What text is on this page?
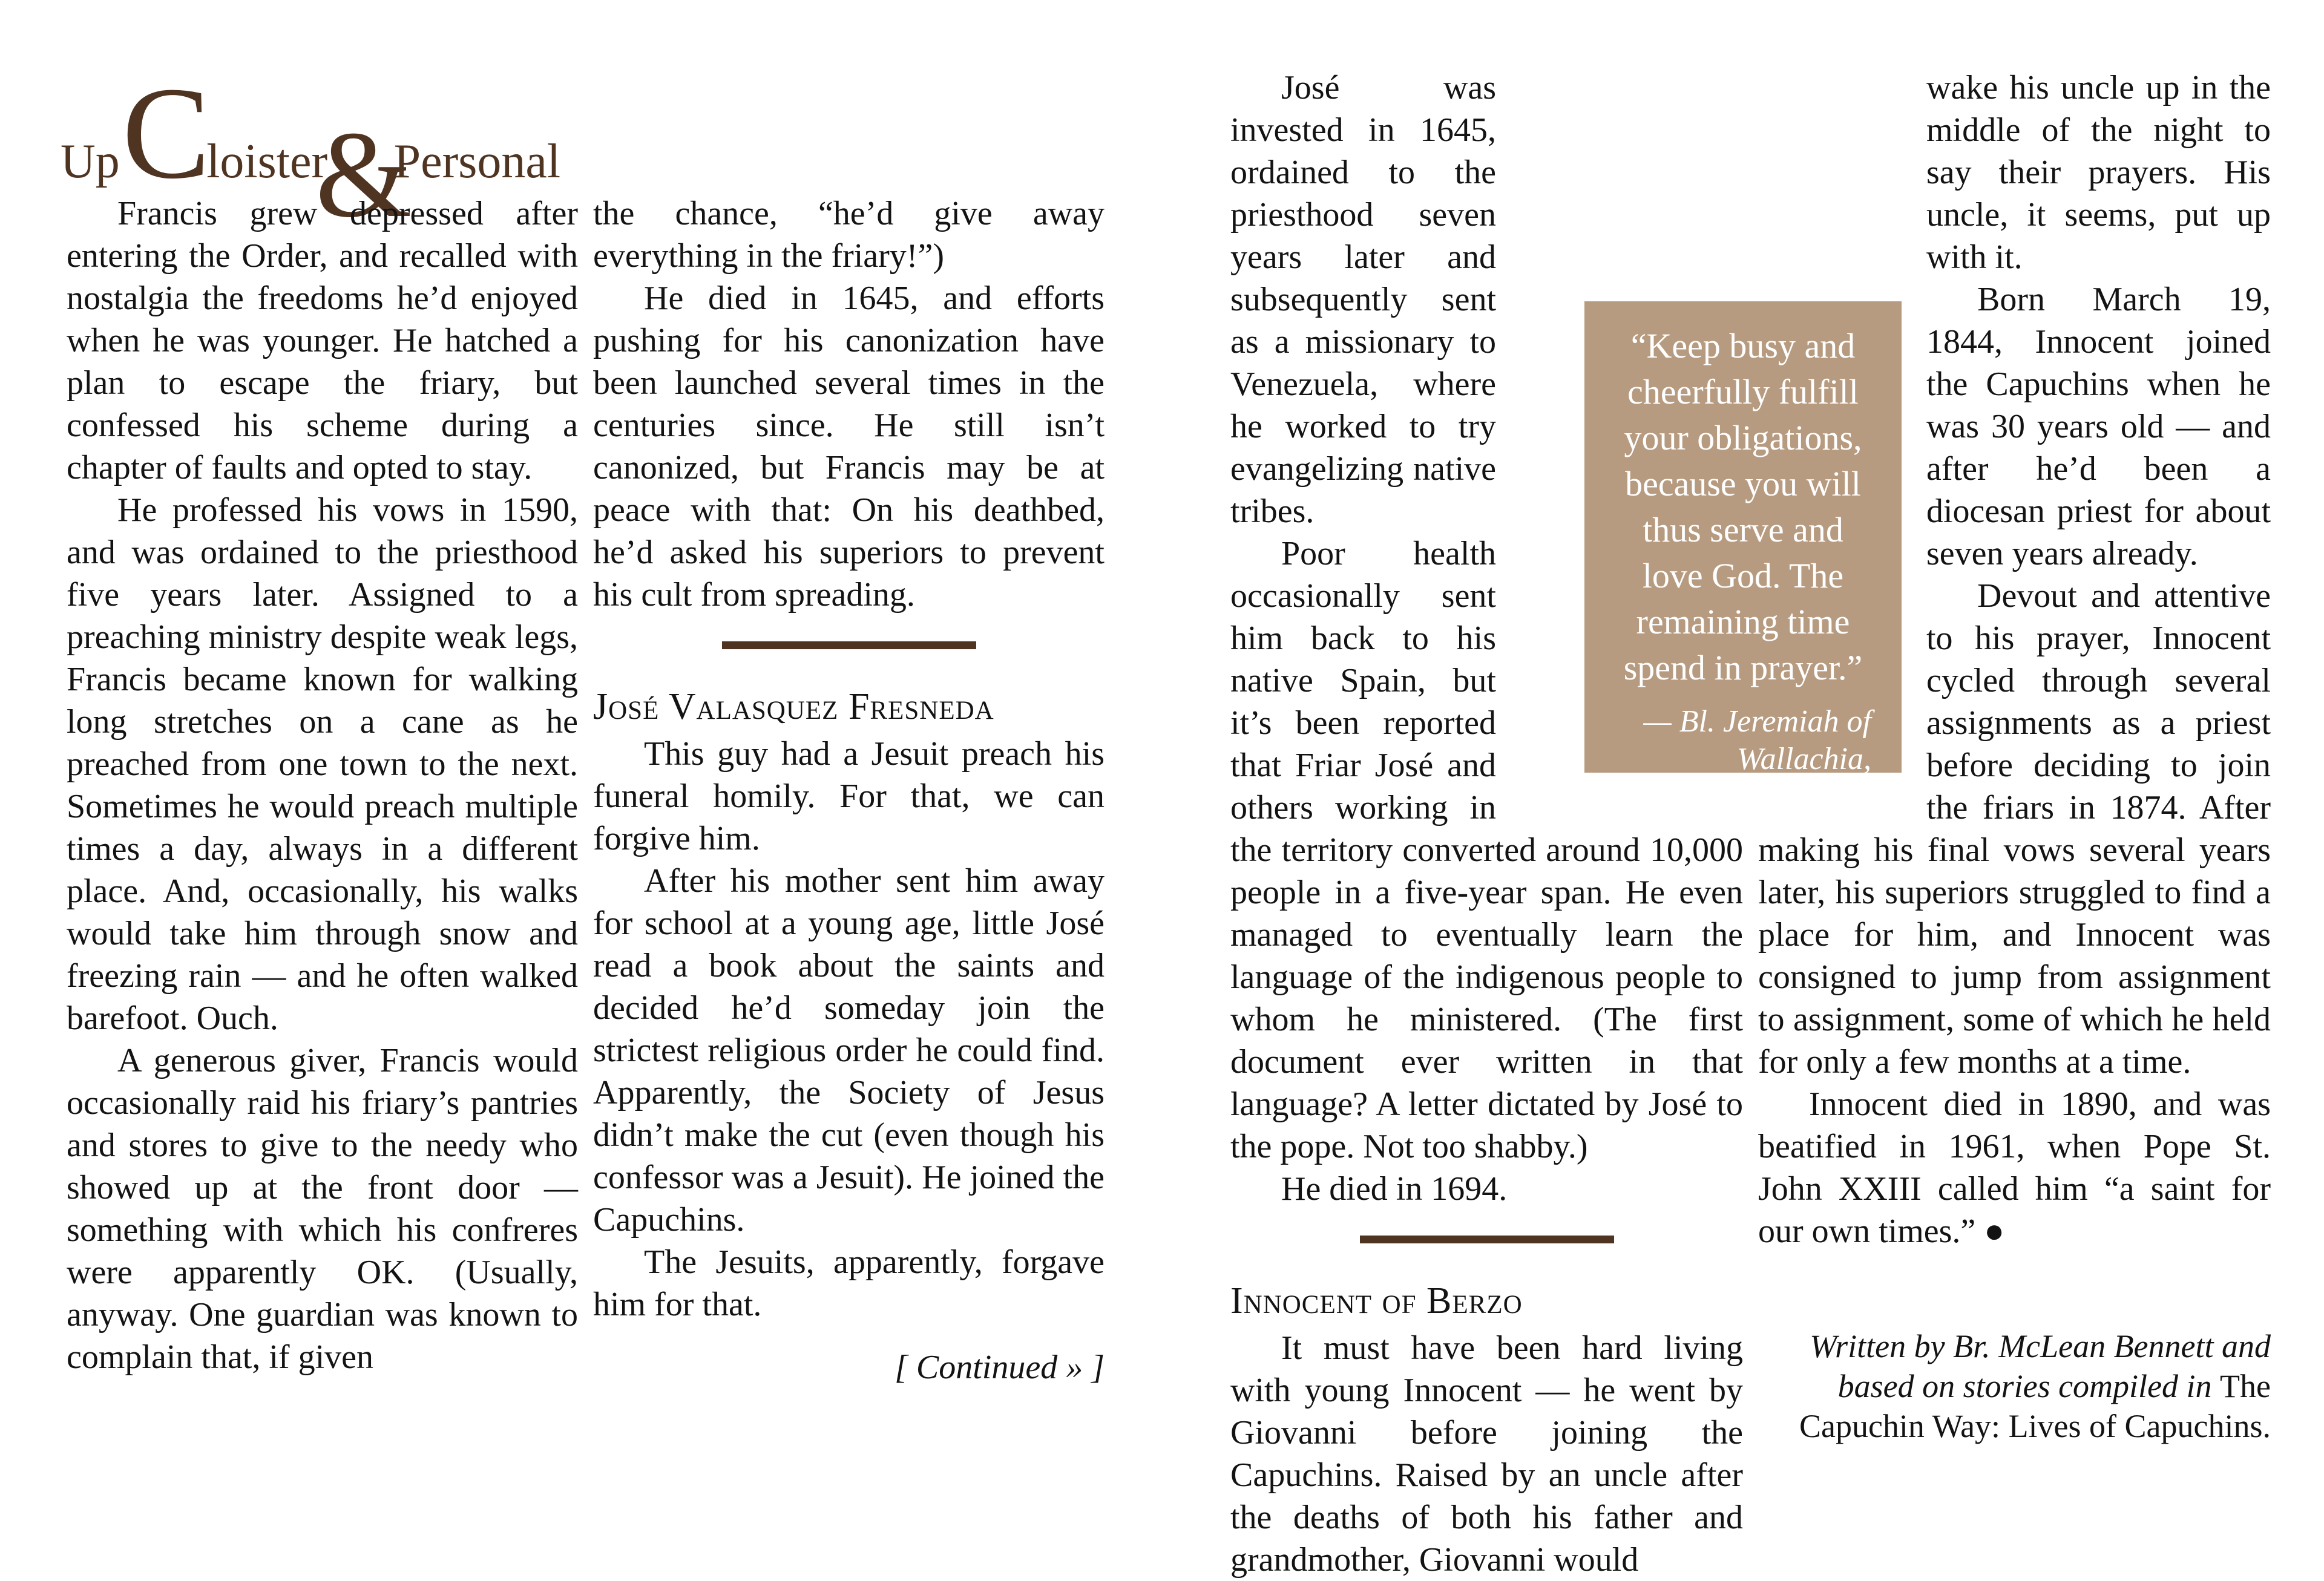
UpCloister&Personal

Francis grew depressed after entering the Order, and recalled with nostalgia the freedoms he’d enjoyed when he was younger. He hatched a plan to escape the friary, but confessed his scheme during a chapter of faults and opted to stay.

He professed his vows in 1590, and was ordained to the priesthood five years later. Assigned to a preaching ministry despite weak legs, Francis became known for walking long stretches on a cane as he preached from one town to the next. Sometimes he would preach multiple times a day, always in a different place. And, occasionally, his walks would take him through snow and freezing rain — and he often walked barefoot. Ouch.

A generous giver, Francis would occasionally raid his friary’s pantries and stores to give to the needy who showed up at the front door — something with which his confreres were apparently OK. (Usually, anyway. One guardian was known to complain that, if given

the chance, “he’d give away everything in the friary!”)

He died in 1645, and efforts pushing for his canonization have been launched several times in the centuries since. He still isn’t canonized, but Francis may be at peace with that: On his deathbed, he’d asked his superiors to prevent his cult from spreading.

José Valasquez Fresneda

This guy had a Jesuit preach his funeral homily. For that, we can forgive him.

After his mother sent him away for school at a young age, little José read a book about the saints and decided he’d someday join the strictest religious order he could find. Apparently, the Society of Jesus didn’t make the cut (even though his confessor was a Jesuit). He joined the Capuchins.

The Jesuits, apparently, forgave him for that.

[ Continued » ]

José was invested in 1645, ordained to the priesthood seven years later and subsequently sent as a missionary to Venezuela, where he worked to try evangelizing native tribes.

Poor health occasionally sent him back to his native Spain, but it’s been reported that Friar José and others working in the territory converted around 10,000 people in a five-year span. He even managed to eventually learn the language of the indigenous people to whom he ministered. (The first document ever written in that language? A letter dictated by José to the pope. Not too shabby.)

He died in 1694.

Innocent of Berzo

It must have been hard living with young Innocent — he went by Giovanni before joining the Capuchins. Raised by an uncle after the deaths of both his father and grandmother, Giovanni would

wake his uncle up in the middle of the night to say their prayers. His uncle, it seems, put up with it.

Born March 19, 1844, Innocent joined the Capuchins when he was 30 years old — and after he’d been a diocesan priest for about seven years already.

Devout and attentive to his prayer, Innocent cycled through several assignments as a priest before deciding to join the friars in 1874. After making his final vows several years later, his superiors struggled to find a place for him, and Innocent was consigned to jump from assignment to assignment, some of which he held for only a few months at a time.

Innocent died in 1890, and was beatified in 1961, when Pope St. John XXIII called him “a saint for our own times.” ●

Written by Br. McLean Bennett and based on stories compiled in The Capuchin Way: Lives of Capuchins.

“Keep busy and cheerfully fulfill your obligations, because you will thus serve and love God. The remaining time spend in prayer.”

— Bl. Jeremiah of Wallachia, Capuchin
